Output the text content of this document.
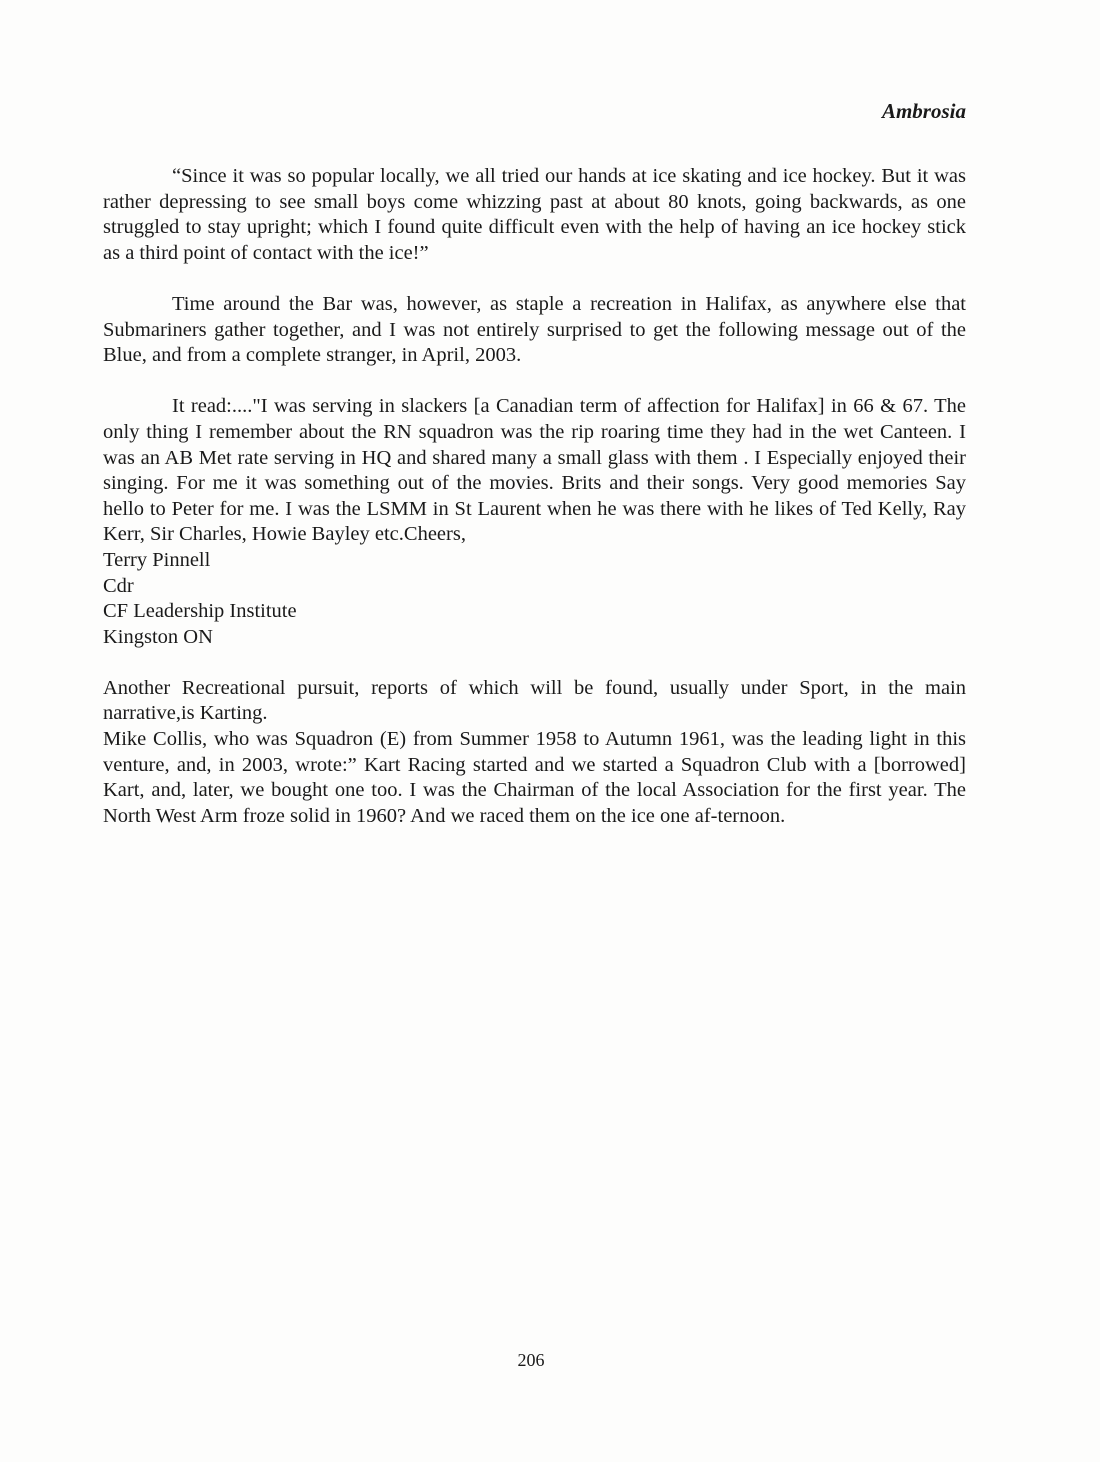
Ambrosia

“Since it was so popular locally, we all tried our hands at ice skating and ice hockey. But it was rather depressing to see small boys come whizzing past at about 80 knots, going backwards, as one struggled to stay upright; which I found quite difficult even with the help of having an ice hockey stick as a third point of contact with the ice!”

Time around the Bar was, however, as staple a recreation in Halifax, as anywhere else that Submariners gather together, and I was not entirely surprised to get the following message out of the Blue, and from a complete stranger, in April, 2003.

It read:...."I was serving in slackers [a Canadian term of affection for Halifax] in 66 & 67. The only thing I remember about the RN squadron was the rip roaring time they had in the wet Canteen. I was an AB Met rate serving in HQ and shared many a small glass with them . I Especially enjoyed their singing. For me it was something out of the movies. Brits and their songs. Very good memories Say hello to Peter for me. I was the LSMM in St Laurent when he was there with he likes of Ted Kelly, Ray Kerr, Sir Charles, Howie Bayley etc.Cheers,

Terry Pinnell
Cdr
CF Leadership Institute
Kingston ON

Another Recreational pursuit, reports of which will be found, usually under Sport, in the main narrative,is Karting.

Mike Collis, who was Squadron (E) from Summer 1958 to Autumn 1961, was the leading light in this venture, and, in 2003, wrote:” Kart Racing started and we started a Squadron Club with a [borrowed] Kart, and, later, we bought one too. I was the Chairman of the local Association for the first year. The North West Arm froze solid in 1960? And we raced them on the ice one af-ternoon.

206
